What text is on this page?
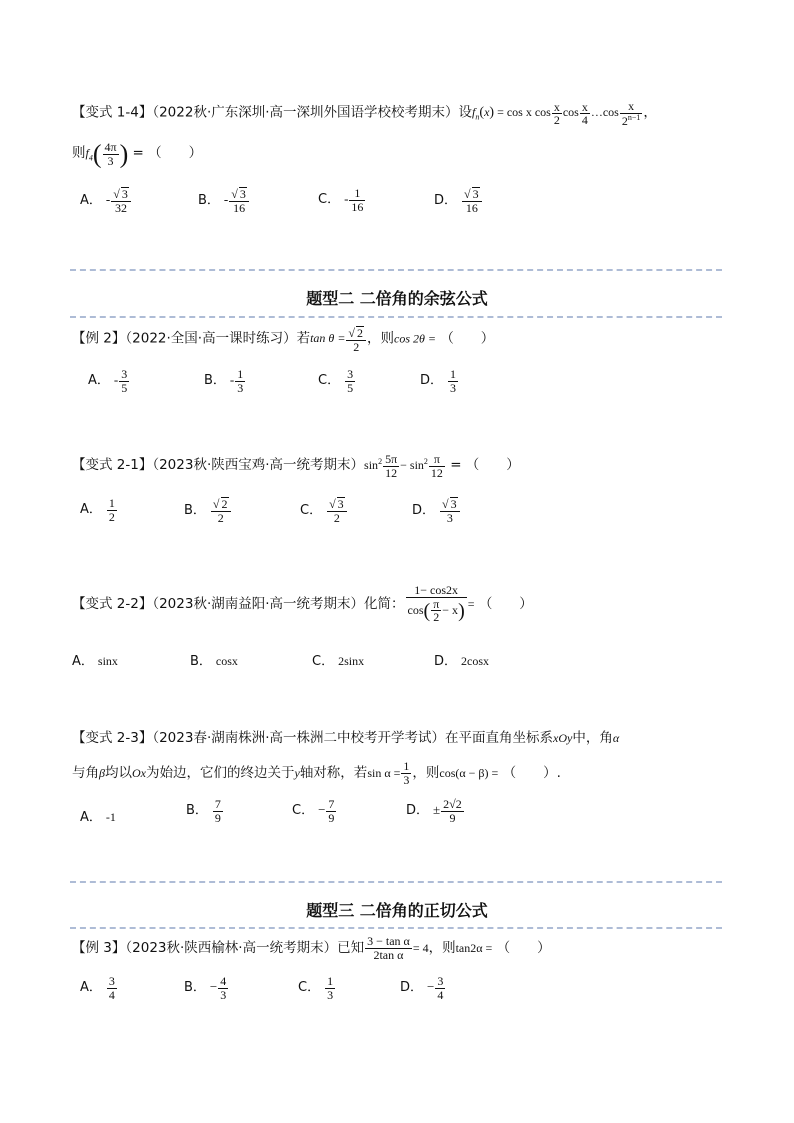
【变式 1-4】（2022秋·广东深圳·高一深圳外国语学校校考期末）设$f_n(x) = \cos x$ $\cos \frac{x}{2}$ $\cos \frac{x}{4}$ …cos $\frac{x}{2^{n-1}}$ ，
则$f_4( \frac{4\pi}{3}$ ) = （　　）
A． - $\frac{√ 3}{32}$	B． - $\frac{√ 3}{16}$	C． - $\frac{1}{16}$	D． $\frac{√ 3}{16}$
题型二 二倍角的余弦公式
【例 2】（2022·全国·高一课时练习）若$\tan \theta = \frac{√ 2}{2}$ ，则cos 2θ = （　　）
A． - $\frac{3}{5}$	B． - $\frac{1}{3}$	C． $\frac{3}{5}$	D． $\frac{1}{3}$
【变式 2-1】（2023秋·陕西宝鸡·高一统考期末）$\sin^2 \frac{5\pi}{12} - \sin^2 \frac{\pi}{12}$ = （　　）
A． $\frac{1}{2}$	B． $\frac{√ 2}{2}$	C． $\frac{√ 3}{2}$	D． $\frac{√ 3}{3}$
【变式 2-2】（2023秋·湖南益阳·高一统考期末）化简： $\frac{1- \cos 2x}{\cos( \frac{\pi}{2} - x)}$ = （　　）
A． sinx	B． cosx	C． 2sinx	D． 2cosx
【变式 2-3】（2023春·湖南株洲·高一株洲二中校考开学考试）在平面直角坐标系xOy中，角α
与角β均以Ox为始边，它们的终边关于y轴对称，若$\sin \alpha = \frac{1}{3}$ ，则cos(α − β) = （　　）.
A． -1	B． $\frac{7}{9}$	C． − $\frac{7}{9}$	D． ± $\frac{2√2}{9}$
题型三 二倍角的正切公式
【例 3】（2023秋·陕西榆林·高一统考期末）已知 $\frac{\text{3 − tan α}}{\text{2tan α}} = 4$，则tan2α = （　　）
A． $\frac{3}{4}$	B． − $\frac{4}{3}$	C． $\frac{1}{3}$	D． − $\frac{3}{4}$
